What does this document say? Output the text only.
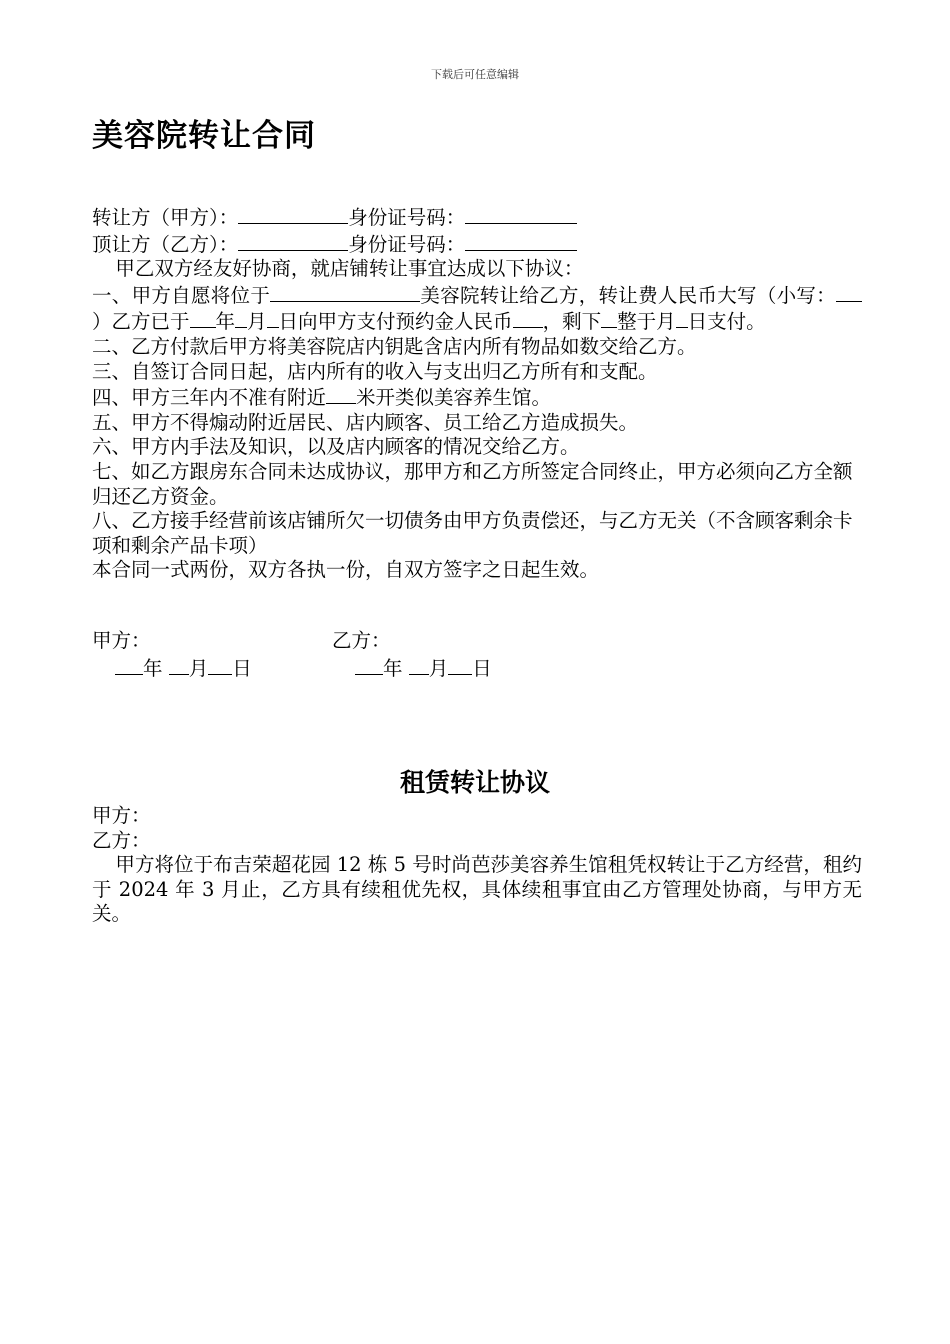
下载后可任意编辑
美容院转让合同

转让方（甲方）：	身份证号码：

顶让方（乙方）：	身份证号码：

甲乙双方经友好协商，就店铺转让事宜达成以下协议：

一、甲方自愿将位于	美容院转让给乙方，转让费人民币大写（小写：）乙方已于 年 月 日向甲方支付预约金人民币 ，剩下 整于月 日支付。

二、乙方付款后甲方将美容院店内钥匙含店内所有物品如数交给乙方。

三、自签订合同日起，店内所有的收入与支出归乙方所有和支配。

四、甲方三年内不准有附近 米开类似美容养生馆。

五、甲方不得煽动附近居民、店内顾客、员工给乙方造成损失。

六、甲方内手法及知识，以及店内顾客的情况交给乙方。

七、如乙方跟房东合同未达成协议，那甲方和乙方所签定合同终止，甲方必须向乙方全额归还乙方资金。

八、乙方接手经营前该店铺所欠一切债务由甲方负责偿还，与乙方无关（不含顾客剩余卡项和剩余产品卡项）

本合同一式两份，双方各执一份，自双方签字之日起生效。

甲方：	乙方：
年 月 日	年 月 日
租赁转让协议

甲方：

乙方：

甲方将位于布吉荣超花园 12 栋 5 号时尚芭莎美容养生馆租凭权转让于乙方经营，租约于 2024 年 3 月止，乙方具有续租优先权，具体续租事宜由乙方管理处协商，与甲方无关。
